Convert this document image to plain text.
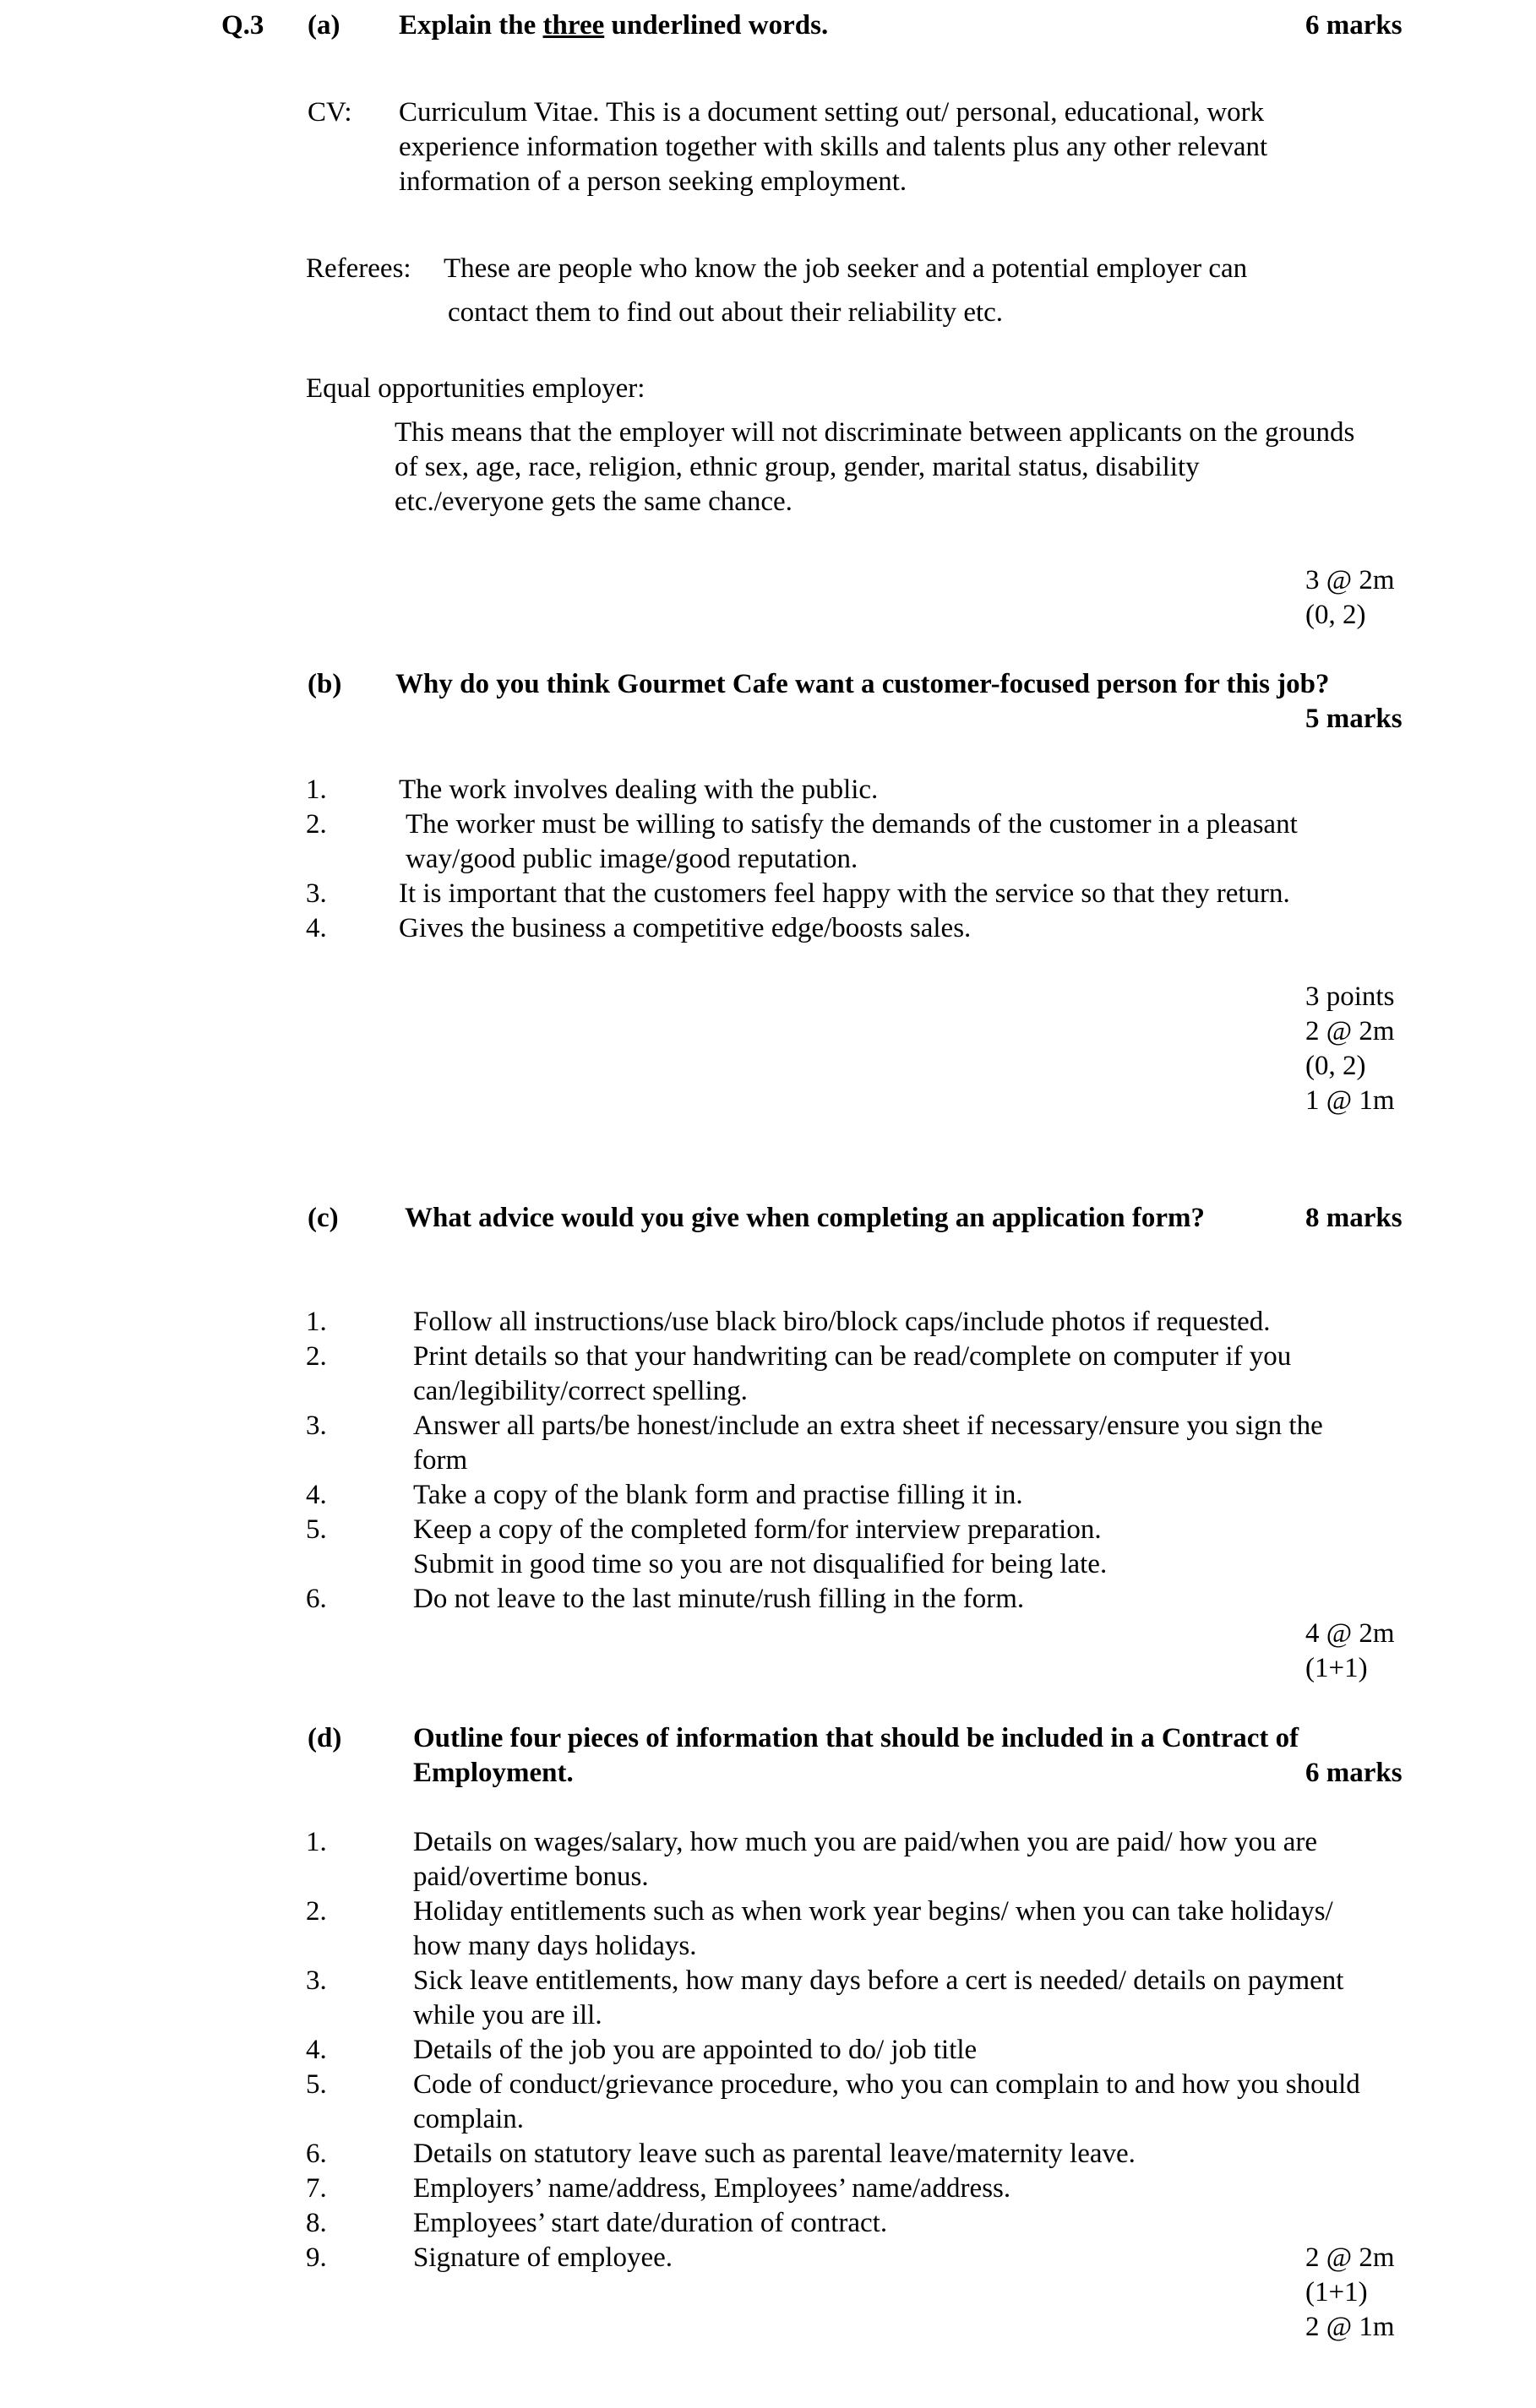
Q.3 (a) Explain the three underlined words.	6 marks
CV: Curriculum Vitae. This is a document setting out/ personal, educational, work
experience information together with skills and talents plus any other relevant
information of a person seeking employment.
Referees: These are people who know the job seeker and a potential employer can
contact them to find out about their reliability etc.
Equal opportunities employer:
This means that the employer will not discriminate between applicants on the grounds
of sex, age, race, religion, ethnic group, gender, marital status, disability
etc./everyone gets the same chance.
3 @ 2m
(0, 2)
(b) Why do you think Gourmet Cafe want a customer-focused person for this job?
5 marks
1.	The work involves dealing with the public.
2.	The worker must be willing to satisfy the demands of the customer in a pleasant
way/good public image/good reputation.
3.	It is important that the customers feel happy with the service so that they return.
4.	Gives the business a competitive edge/boosts sales.
3 points
2 @ 2m
(0, 2)
1 @ 1m
(c) What advice would you give when completing an application form?	8 marks
1.	Follow all instructions/use black biro/block caps/include photos if requested.
2.	Print details so that your handwriting can be read/complete on computer if you
can/legibility/correct spelling.
3.	Answer all parts/be honest/include an extra sheet if necessary/ensure you sign the
form
4.	Take a copy of the blank form and practise filling it in.
5.	Keep a copy of the completed form/for interview preparation.
Submit in good time so you are not disqualified for being late.
6.	Do not leave to the last minute/rush filling in the form.
4 @ 2m
(1+1)
(d)	Outline four pieces of information that should be included in a Contract of
Employment.	6 marks
1.	Details on wages/salary, how much you are paid/when you are paid/ how you are
paid/overtime bonus.
2.	Holiday entitlements such as when work year begins/ when you can take holidays/
how many days holidays.
3.	Sick leave entitlements, how many days before a cert is needed/ details on payment
while you are ill.
4.	Details of the job you are appointed to do/ job title
5.	Code of conduct/grievance procedure, who you can complain to and how you should
complain.
6.	Details on statutory leave such as parental leave/maternity leave.
7.	Employers’ name/address, Employees’ name/address.
8.	Employees’ start date/duration of contract.
9.	Signature of employee.	2 @ 2m
(1+1)
2 @ 1m
